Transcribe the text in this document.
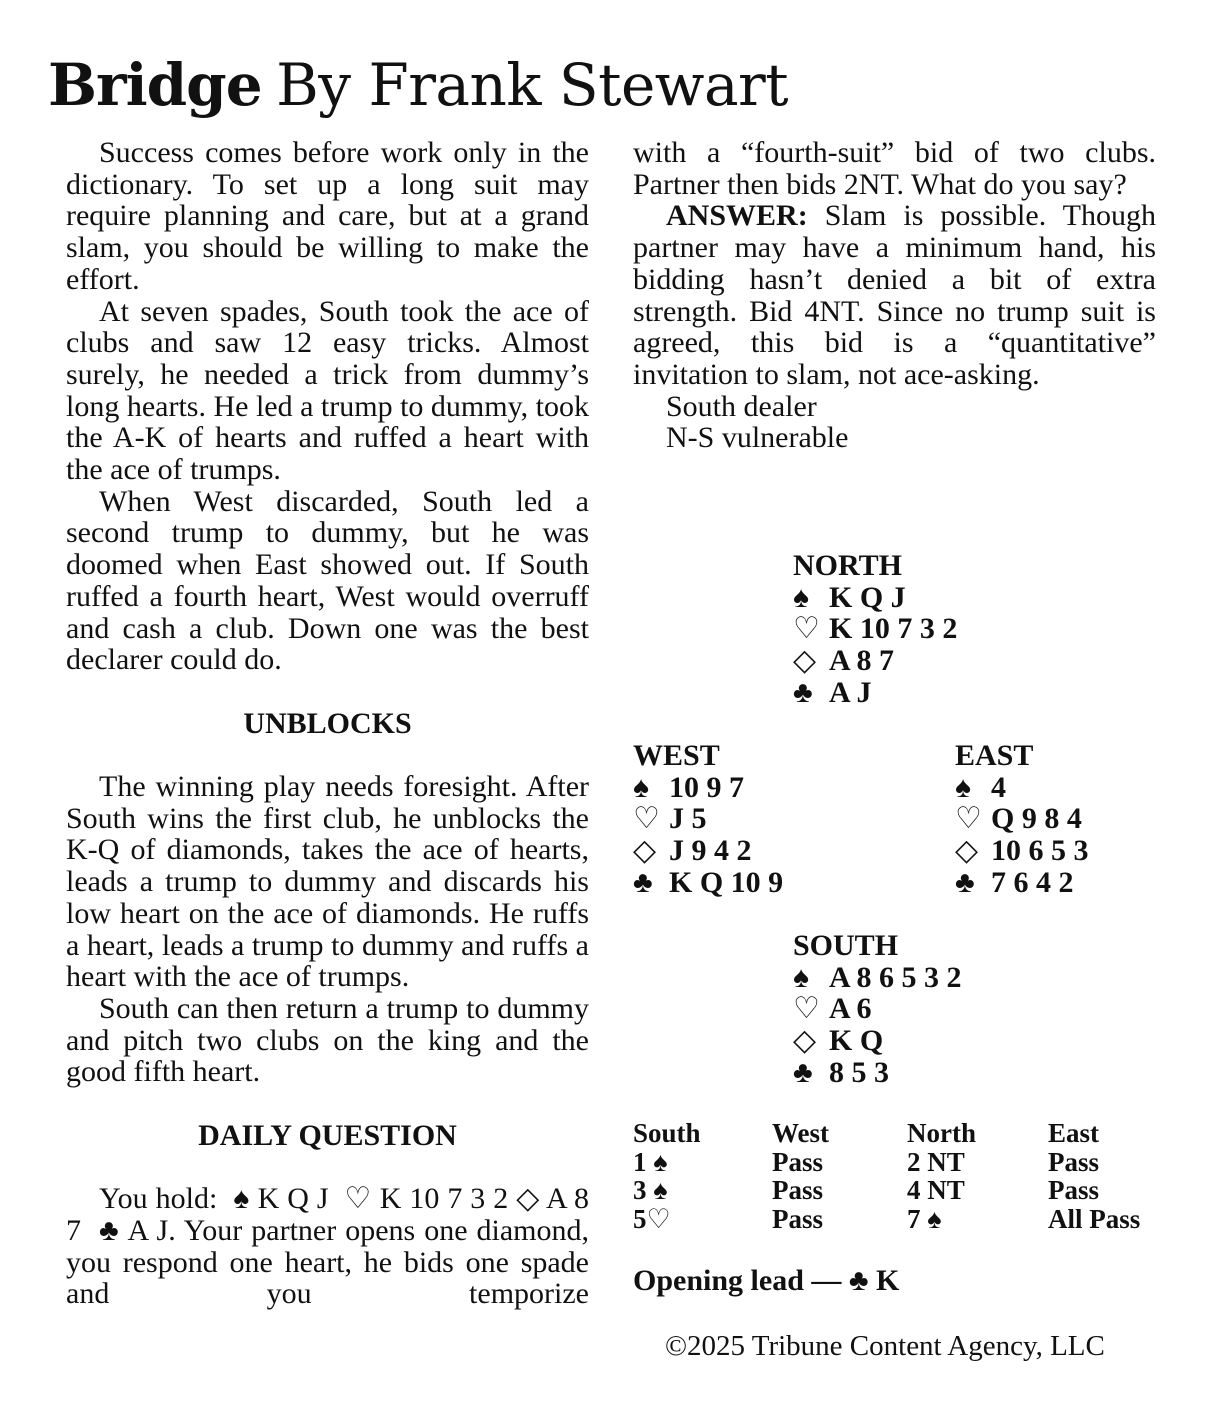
Bridge By Frank Stewart

Success comes before work only in the dictionary. To set up a long suit may require planning and care, but at a grand slam, you should be willing to make the effort.

At seven spades, South took the ace of clubs and saw 12 easy tricks. Almost surely, he needed a trick from dummy’s long hearts. He led a trump to dummy, took the A-K of hearts and ruffed a heart with the ace of trumps.

When West discarded, South led a second trump to dummy, but he was doomed when East showed out. If South ruffed a fourth heart, West would overruff and cash a club. Down one was the best declarer could do.

UNBLOCKS

The winning play needs foresight. After South wins the first club, he unblocks the K-Q of diamonds, takes the ace of hearts, leads a trump to dummy and discards his low heart on the ace of diamonds. He ruffs a heart, leads a trump to dummy and ruffs a heart with the ace of trumps.

South can then return a trump to dummy and pitch two clubs on the king and the good fifth heart.

DAILY QUESTION

You hold: ♠ K Q J ♡ K 10 7 3 2 ◇ A 8 7 ♣ A J. Your partner opens one diamond, you respond one heart, he bids one spade and you temporize

with a “fourth-suit” bid of two clubs. Partner then bids 2NT. What do you say?

ANSWER: Slam is possible. Though partner may have a minimum hand, his bidding hasn’t denied a bit of extra strength. Bid 4NT. Since no trump suit is agreed, this bid is a “quantitative” invitation to slam, not ace-asking.

South dealer

N-S vulnerable

NORTH
♠ K Q J
♡ K 10 7 3 2
◇ A 8 7
♣ A J
WEST
♠ 10 9 7
♡ J 5
◇ J 9 4 2
♣ K Q 10 9
EAST
♠ 4
♡ Q 9 8 4
◇ 10 6 5 3
♣ 7 6 4 2
SOUTH
♠ A 8 6 5 3 2
♡ A 6
◇ K Q
♣ 8 5 3
South	West	North	East
1 ♠	Pass	2 NT	Pass
3 ♠	Pass	4 NT	Pass
5♡	Pass	7 ♠	All Pass
Opening lead — ♣ K
©2025 Tribune Content Agency, LLC
